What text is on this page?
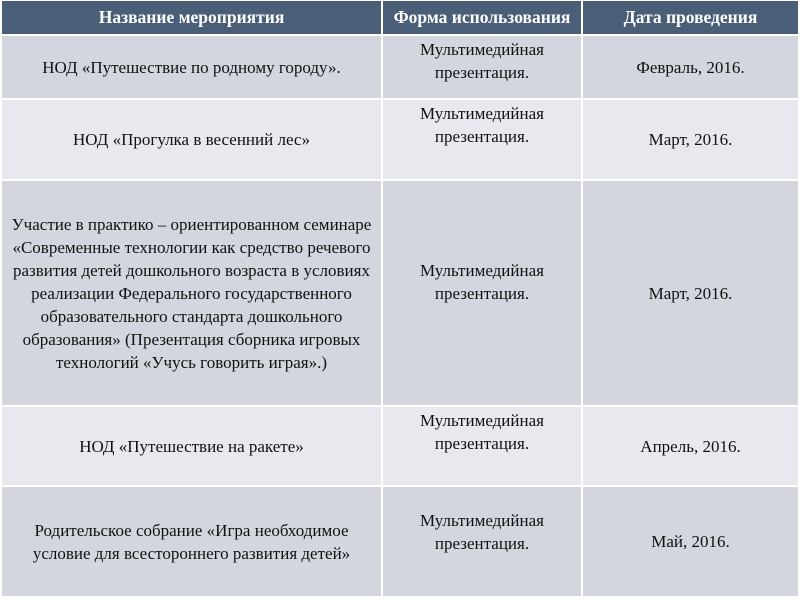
Название мероприятия	Форма использования	Дата проведения
НОД «Путешествие по родному городу».	Мультимедийная презентация.	Февраль, 2016.
НОД «Прогулка в весенний лес»	Мультимедийная презентация.	Март, 2016.
Участие в практико – ориентированном семинаре «Современные технологии как средство речевого развития детей дошкольного возраста в условиях реализации Федерального государственного образовательного стандарта дошкольного образования» (Презентация сборника игровых технологий «Учусь говорить играя».)	Мультимедийная презентация.	Март, 2016.
НОД «Путешествие на ракете»	Мультимедийная презентация.	Апрель, 2016.
Родительское собрание «Игра необходимое условие для всестороннего развития детей»	Мультимедийная презентация.	Май, 2016.
